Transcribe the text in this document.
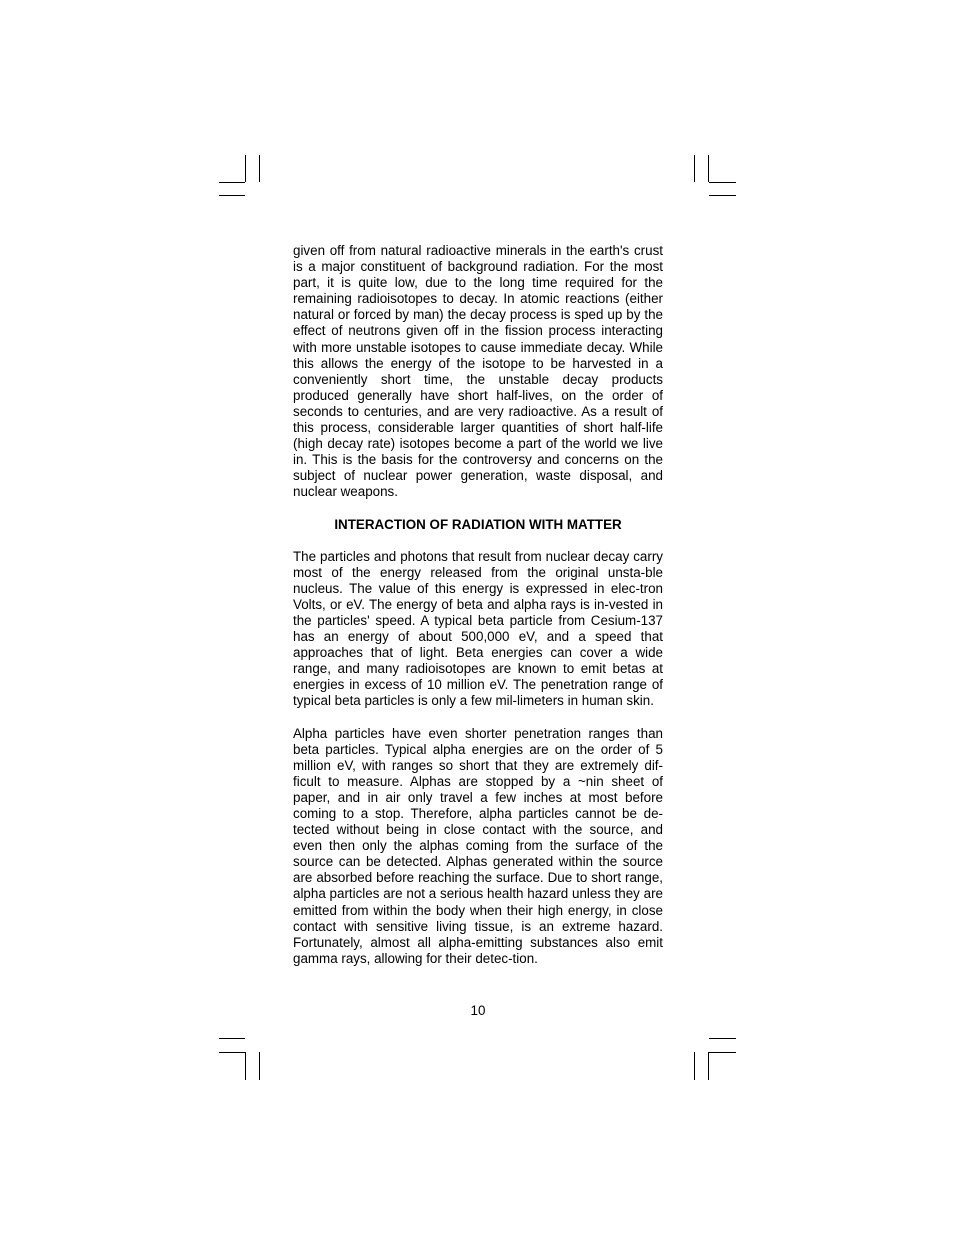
given off from natural radioactive minerals in the earth's crust is a major constituent of background radiation. For the most part, it is quite low, due to the long time required for the remaining radioisotopes to decay. In atomic reactions (either natural or forced by man) the decay process is sped up by the effect of neutrons given off in the fission process interacting with more unstable isotopes to cause immediate decay. While this allows the energy of the isotope to be harvested in a conveniently short time, the unstable decay products produced generally have short half-lives, on the order of seconds to centuries, and are very radioactive. As a result of this process, considerable larger quantities of short half-life (high decay rate) isotopes become a part of the world we live in. This is the basis for the controversy and concerns on the subject of nuclear power generation, waste disposal, and nuclear weapons.

INTERACTION OF RADIATION WITH MATTER

The particles and photons that result from nuclear decay carry most of the energy released from the original unsta-ble nucleus. The value of this energy is expressed in elec-tron Volts, or eV. The energy of beta and alpha rays is in-vested in the particles' speed. A typical beta particle from Cesium-137 has an energy of about 500,000 eV, and a speed that approaches that of light. Beta energies can cover a wide range, and many radioisotopes are known to emit betas at energies in excess of 10 million eV. The penetration range of typical beta particles is only a few mil-limeters in human skin.

Alpha particles have even shorter penetration ranges than beta particles. Typical alpha energies are on the order of 5 million eV, with ranges so short that they are extremely dif-ficult to measure. Alphas are stopped by a ~nin sheet of paper, and in air only travel a few inches at most before coming to a stop. Therefore, alpha particles cannot be de-tected without being in close contact with the source, and even then only the alphas coming from the surface of the source can be detected. Alphas generated within the source are absorbed before reaching the surface. Due to short range, alpha particles are not a serious health hazard unless they are emitted from within the body when their high energy, in close contact with sensitive living tissue, is an extreme hazard. Fortunately, almost all alpha-emitting substances also emit gamma rays, allowing for their detec-tion.

10
